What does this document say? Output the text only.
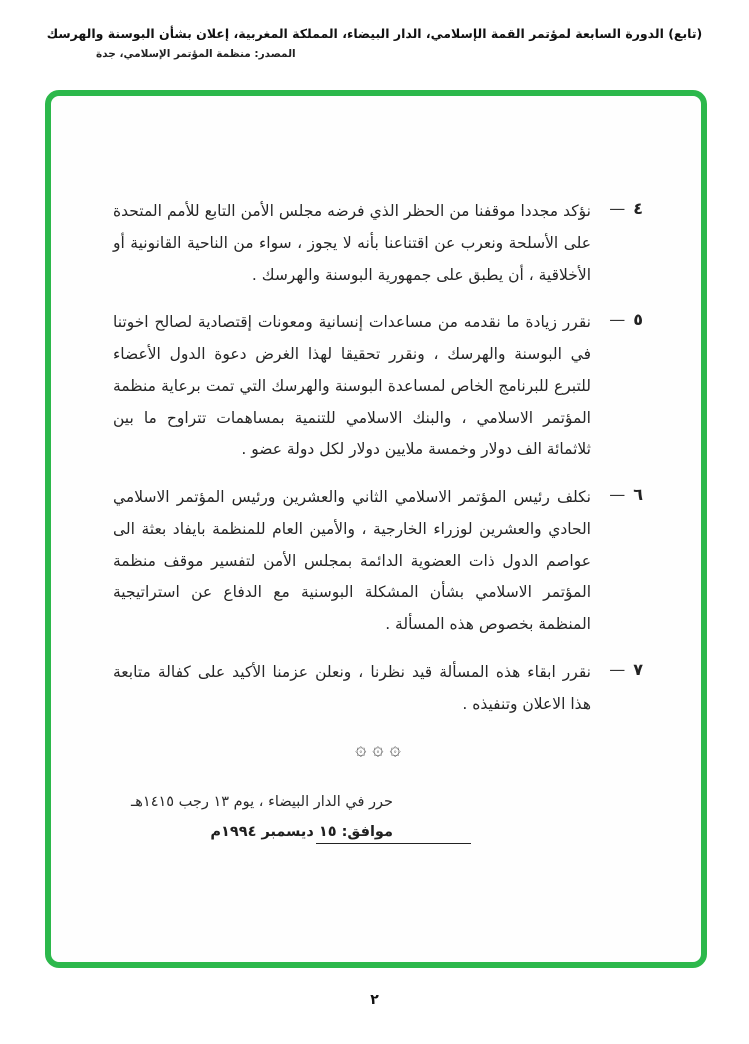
(تابع) الدورة السابعة لمؤتمر القمة الإسلامي، الدار البيضاء، المملكة المغربية، إعلان بشأن البوسنة والهرسك
المصدر: منظمة المؤتمر الإسلامي، جدة
٤
—
نؤكد مجددا موقفنا من الحظر الذي فرضه مجلس الأمن التابع للأمم المتحدة على الأسلحة ونعرب عن اقتناعنا بأنه لا يجوز ، سواء من الناحية القانونية أو الأخلاقية ، أن يطبق على جمهورية البوسنة والهرسك .
٥
—
نقرر زيادة ما نقدمه من مساعدات إنسانية ومعونات إقتصادية لصالح اخوتنا في البوسنة والهرسك ، ونقرر تحقيقا لهذا الغرض دعوة الدول الأعضاء للتبرع للبرنامج الخاص لمساعدة البوسنة والهرسك التي تمت برعاية منظمة المؤتمر الاسلامي ، والبنك الاسلامي للتنمية بمساهمات تتراوح ما بين ثلاثمائة الف دولار وخمسة ملايين دولار لكل دولة عضو .
٦
—
نكلف رئيس المؤتمر الاسلامي الثاني والعشرين ورئيس المؤتمر الاسلامي الحادي والعشرين لوزراء الخارجية ، والأمين العام للمنظمة بايفاد بعثة الى عواصم الدول ذات العضوية الدائمة بمجلس الأمن لتفسير موقف منظمة المؤتمر الاسلامي بشأن المشكلة البوسنية مع الدفاع عن استراتيجية المنظمة بخصوص هذه المسألة .
٧
—
نقرر ابقاء هذه المسألة قيد نظرنا ، ونعلن عزمنا الأكيد على كفالة متابعة هذا الاعلان وتنفيذه .
۞ ۞ ۞
حرر في الدار البيضاء ، يوم ١٣ رجب ١٤١٥هـ
موافق: ١٥ ديسمبر ١٩٩٤م
٢
